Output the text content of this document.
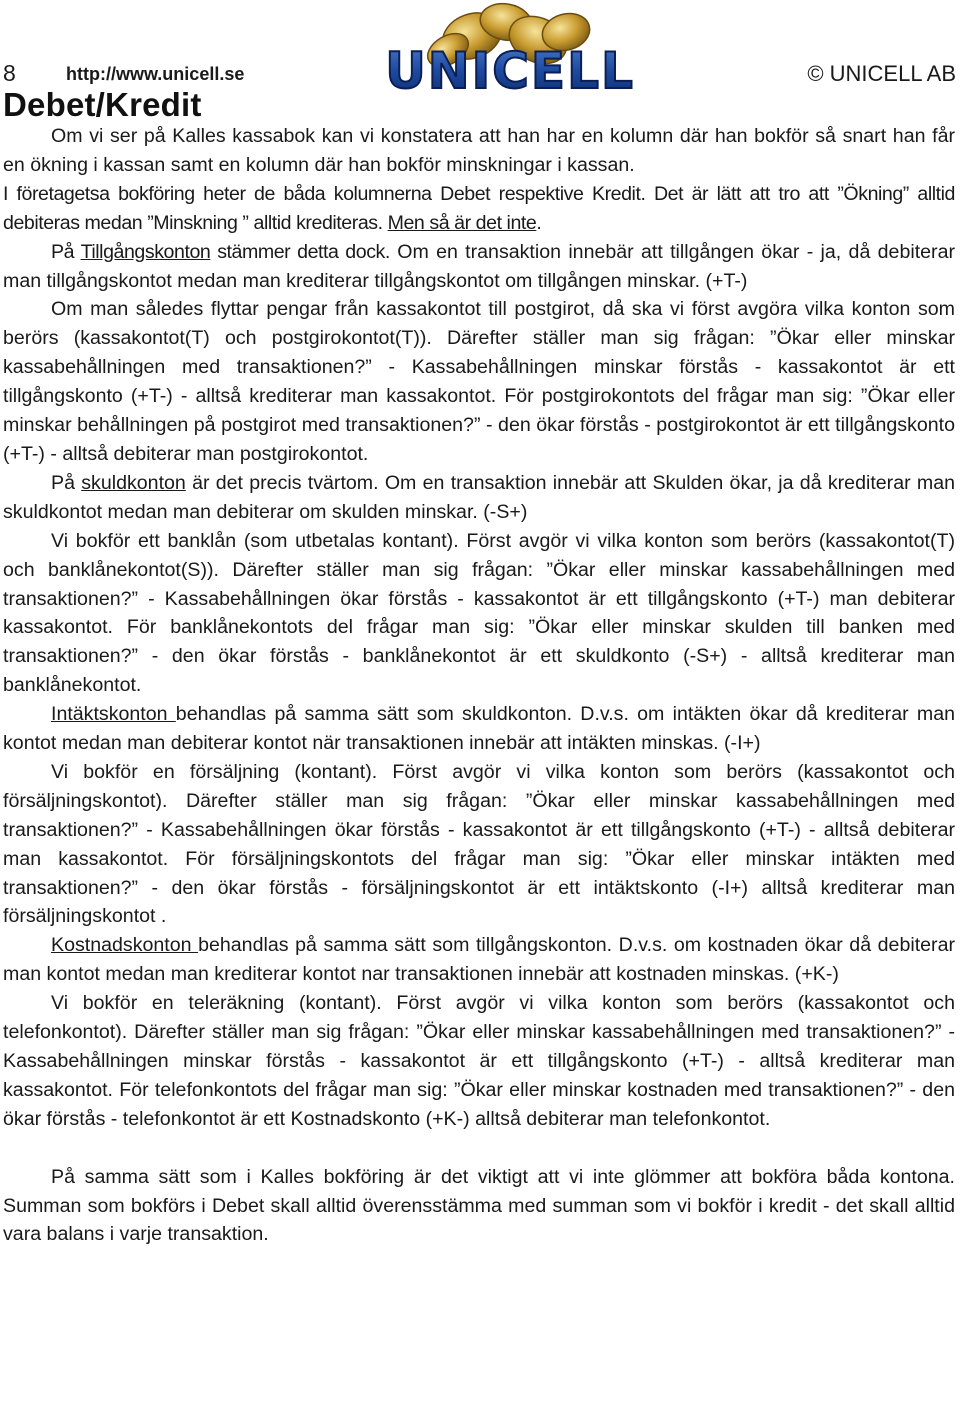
8	http://www.unicell.se	UNICELL	© UNICELL AB
Debet/Kredit

Om vi ser på Kalles kassabok kan vi konstatera att han har en kolumn där han bokför så snart han får en ökning i kassan samt en kolumn där han bokför minskningar i kassan.

I företagetsa bokföring heter de båda kolumnerna Debet respektive Kredit. Det är lätt att tro att ”Ökning” alltid debiteras medan ”Minskning ” alltid krediteras. Men så är det inte.

På Tillgångskonton stämmer detta dock. Om en transaktion innebär att tillgången ökar - ja, då debiterar man tillgångskontot medan man krediterar tillgångskontot om tillgången minskar. (+T-)

Om man således flyttar pengar från kassakontot till postgirot, då ska vi först avgöra vilka konton som berörs (kassakontot(T) och postgirokontot(T)). Därefter ställer man sig frågan: ”Ökar eller minskar kassabehållningen med transaktionen?” - Kassabehållningen minskar förstås - kassakontot är ett tillgångskonto (+T-) - alltså krediterar man kassakontot. För postgirokontots del frågar man sig: ”Ökar eller minskar behållningen på postgirot med transaktionen?” - den ökar förstås - postgirokontot är ett tillgångskonto (+T-) - alltså debiterar man postgirokontot.

På skuldkonton är det precis tvärtom. Om en transaktion innebär att Skulden ökar, ja då krediterar man skuldkontot medan man debiterar om skulden minskar. (-S+)

Vi bokför ett banklån (som utbetalas kontant). Först avgör vi vilka konton som berörs (kassakontot(T) och banklånekontot(S)). Därefter ställer man sig frågan: ”Ökar eller minskar kassabehållningen med transaktionen?” - Kassabehållningen ökar förstås - kassakontot är ett tillgångskonto (+T-) man debiterar kassakontot. För banklånekontots del frågar man sig: ”Ökar eller minskar skulden till banken med transaktionen?” - den ökar förstås - banklånekontot är ett skuldkonto (-S+) - alltså krediterar man banklånekontot.

Intäktskonton behandlas på samma sätt som skuldkonton. D.v.s. om intäkten ökar då krediterar man kontot medan man debiterar kontot när transaktionen innebär att intäkten minskas. (-I+)

Vi bokför en försäljning (kontant). Först avgör vi vilka konton som berörs (kassakontot och försäljningskontot). Därefter ställer man sig frågan: ”Ökar eller minskar kassabehållningen med transaktionen?” - Kassabehållningen ökar förstås - kassakontot är ett tillgångskonto (+T-) - alltså debiterar man kassakontot. För försäljningskontots del frågar man sig: ”Ökar eller minskar intäkten med transaktionen?” - den ökar förstås - försäljningskontot är ett intäktskonto (-I+) alltså krediterar man försäljningskontot .

Kostnadskonton behandlas på samma sätt som tillgångskonton. D.v.s. om kostnaden ökar då debiterar man kontot medan man krediterar kontot nar transaktionen innebär att kostnaden minskas. (+K-)

Vi bokför en teleräkning (kontant). Först avgör vi vilka konton som berörs (kassakontot och telefonkontot). Därefter ställer man sig frågan: ”Ökar eller minskar kassabehållningen med transaktionen?” - Kassabehållningen minskar förstås - kassakontot är ett tillgångskonto (+T-) - alltså krediterar man kassakontot. För telefonkontots del frågar man sig: ”Ökar eller minskar kostnaden med transaktionen?” - den ökar förstås - telefonkontot är ett Kostnadskonto (+K-) alltså debiterar man telefonkontot.

På samma sätt som i Kalles bokföring är det viktigt att vi inte glömmer att bokföra båda kontona. Summan som bokförs i Debet skall alltid överensstämma med summan som vi bokför i kredit - det skall alltid vara balans i varje transaktion.
